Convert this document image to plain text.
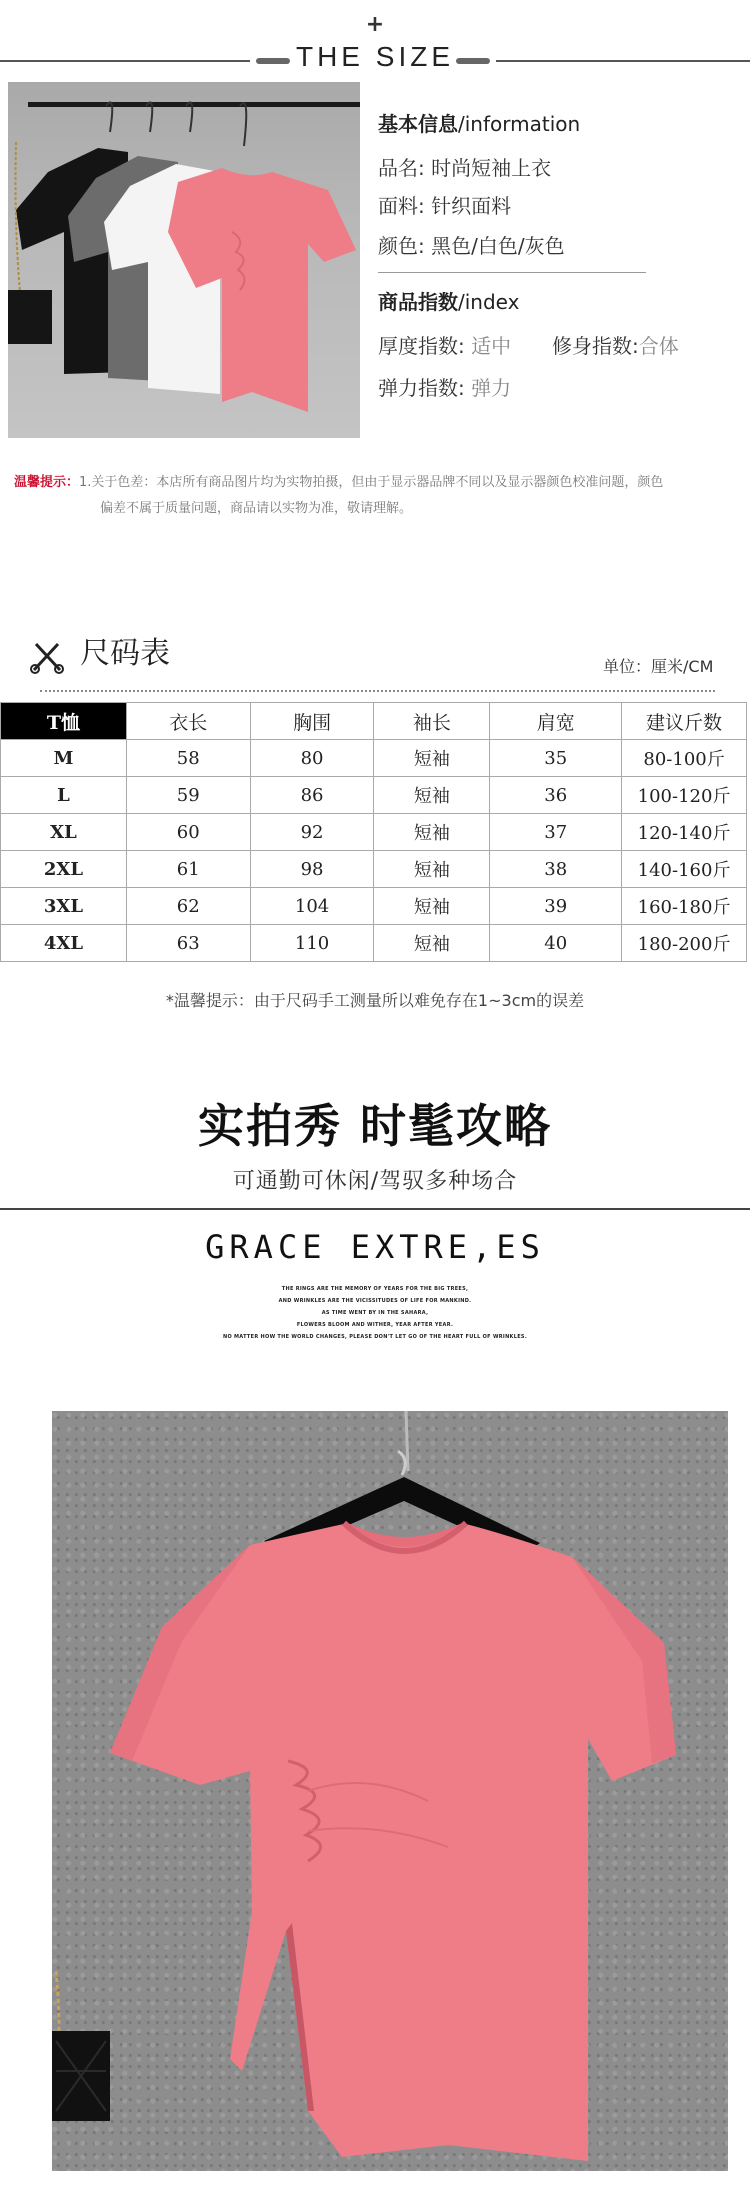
+
THE SIZE
基本信息/information
品名: 时尚短袖上衣
面料: 针织面料
颜色: 黑色/白色/灰色
商品指数/index
厚度指数: 适中 修身指数:合体
弹力指数: 弹力
温馨提示：1.关于色差：本店所有商品图片均为实物拍摄，但由于显示器品牌不同以及显示器颜色校准问题，颜色
偏差不属于质量问题，商品请以实物为准，敬请理解。
尺码表	单位：厘米/CM
T恤	衣长	胸围	袖长	肩宽	建议斤数
M	58	80	短袖	35	80-100斤
L	59	86	短袖	36	100-120斤
XL	60	92	短袖	37	120-140斤
2XL	61	98	短袖	38	140-160斤
3XL	62	104	短袖	39	160-180斤
4XL	63	110	短袖	40	180-200斤
*温馨提示：由于尺码手工测量所以难免存在1~3cm的误差
实拍秀 时髦攻略
可通勤可休闲/驾驭多种场合
GRACE EXTRE,ES
THE RINGS ARE THE MEMORY OF YEARS FOR THE BIG TREES,
AND WRINKLES ARE THE VICISSITUDES OF LIFE FOR MANKIND.
AS TIME WENT BY IN THE SAHARA,
FLOWERS BLOOM AND WITHER, YEAR AFTER YEAR.
NO MATTER HOW THE WORLD CHANGES, PLEASE DON'T LET GO OF THE HEART FULL OF WRINKLES.
